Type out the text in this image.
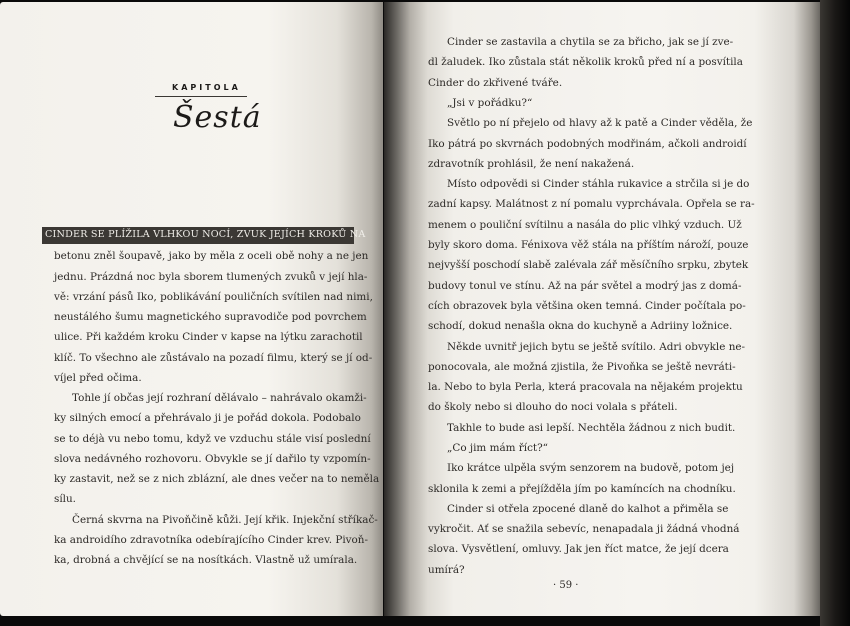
KAPITOLA
Šestá
CINDER SE PLÍŽILA VLHKOU NOCÍ, ZVUK JEJÍCH KROKŮ NA
betonu zněl šoupavě, jako by měla z oceli obě nohy a ne jen
jednu. Prázdná noc byla sborem tlumených zvuků v její hla-
vě: vrzání pásů Iko, poblikávání pouličních svítilen nad nimi,
neustálého šumu magnetického supravodiče pod povrchem
ulice. Při každém kroku Cinder v kapse na lýtku zarachotil
klíč. To všechno ale zůstávalo na pozadí filmu, který se jí od-
víjel před očima.
Tohle jí občas její rozhraní dělávalo – nahrávalo okamži-
ky silných emocí a přehrávalo ji je pořád dokola. Podobalo
se to déjà vu nebo tomu, když ve vzduchu stále visí poslední
slova nedávného rozhovoru. Obvykle se jí dařilo ty vzpomín-
ky zastavit, než se z nich zblázní, ale dnes večer na to neměla
sílu.
Černá skvrna na Pivoňčině kůži. Její křik. Injekční stříkač-
ka androidího zdravotníka odebírajícího Cinder krev. Pivoň-
ka, drobná a chvějící se na nosítkách. Vlastně už umírala.
Cinder se zastavila a chytila se za břicho, jak se jí zve-
dl žaludek. Iko zůstala stát několik kroků před ní a posvítila
Cinder do zkřivené tváře.
„Jsi v pořádku?“
Světlo po ní přejelo od hlavy až k patě a Cinder věděla, že
Iko pátrá po skvrnách podobných modřinám, ačkoli androidí
zdravotník prohlásil, že není nakažená.
Místo odpovědi si Cinder stáhla rukavice a strčila si je do
zadní kapsy. Malátnost z ní pomalu vyprchávala. Opřela se ra-
menem o pouliční svítilnu a nasála do plic vlhký vzduch. Už
byly skoro doma. Fénixova věž stála na příštím nároží, pouze
nejvyšší poschodí slabě zalévala zář měsíčního srpku, zbytek
budovy tonul ve stínu. Až na pár světel a modrý jas z domá-
cích obrazovek byla většina oken temná. Cinder počítala po-
schodí, dokud nenašla okna do kuchyně a Adriiny ložnice.
Někde uvnitř jejich bytu se ještě svítilo. Adri obvykle ne-
ponocovala, ale možná zjistila, že Pivoňka se ještě nevráti-
la. Nebo to byla Perla, která pracovala na nějakém projektu
do školy nebo si dlouho do noci volala s přáteli.
Takhle to bude asi lepší. Nechtěla žádnou z nich budit.
„Co jim mám říct?“
Iko krátce ulpěla svým senzorem na budově, potom jej
sklonila k zemi a přejížděla jím po kamíncích na chodníku.
Cinder si otřela zpocené dlaně do kalhot a přiměla se
vykročit. Ať se snažila sebevíc, nenapadala ji žádná vhodná
slova. Vysvětlení, omluvy. Jak jen říct matce, že její dcera
umírá?
· 59 ·
